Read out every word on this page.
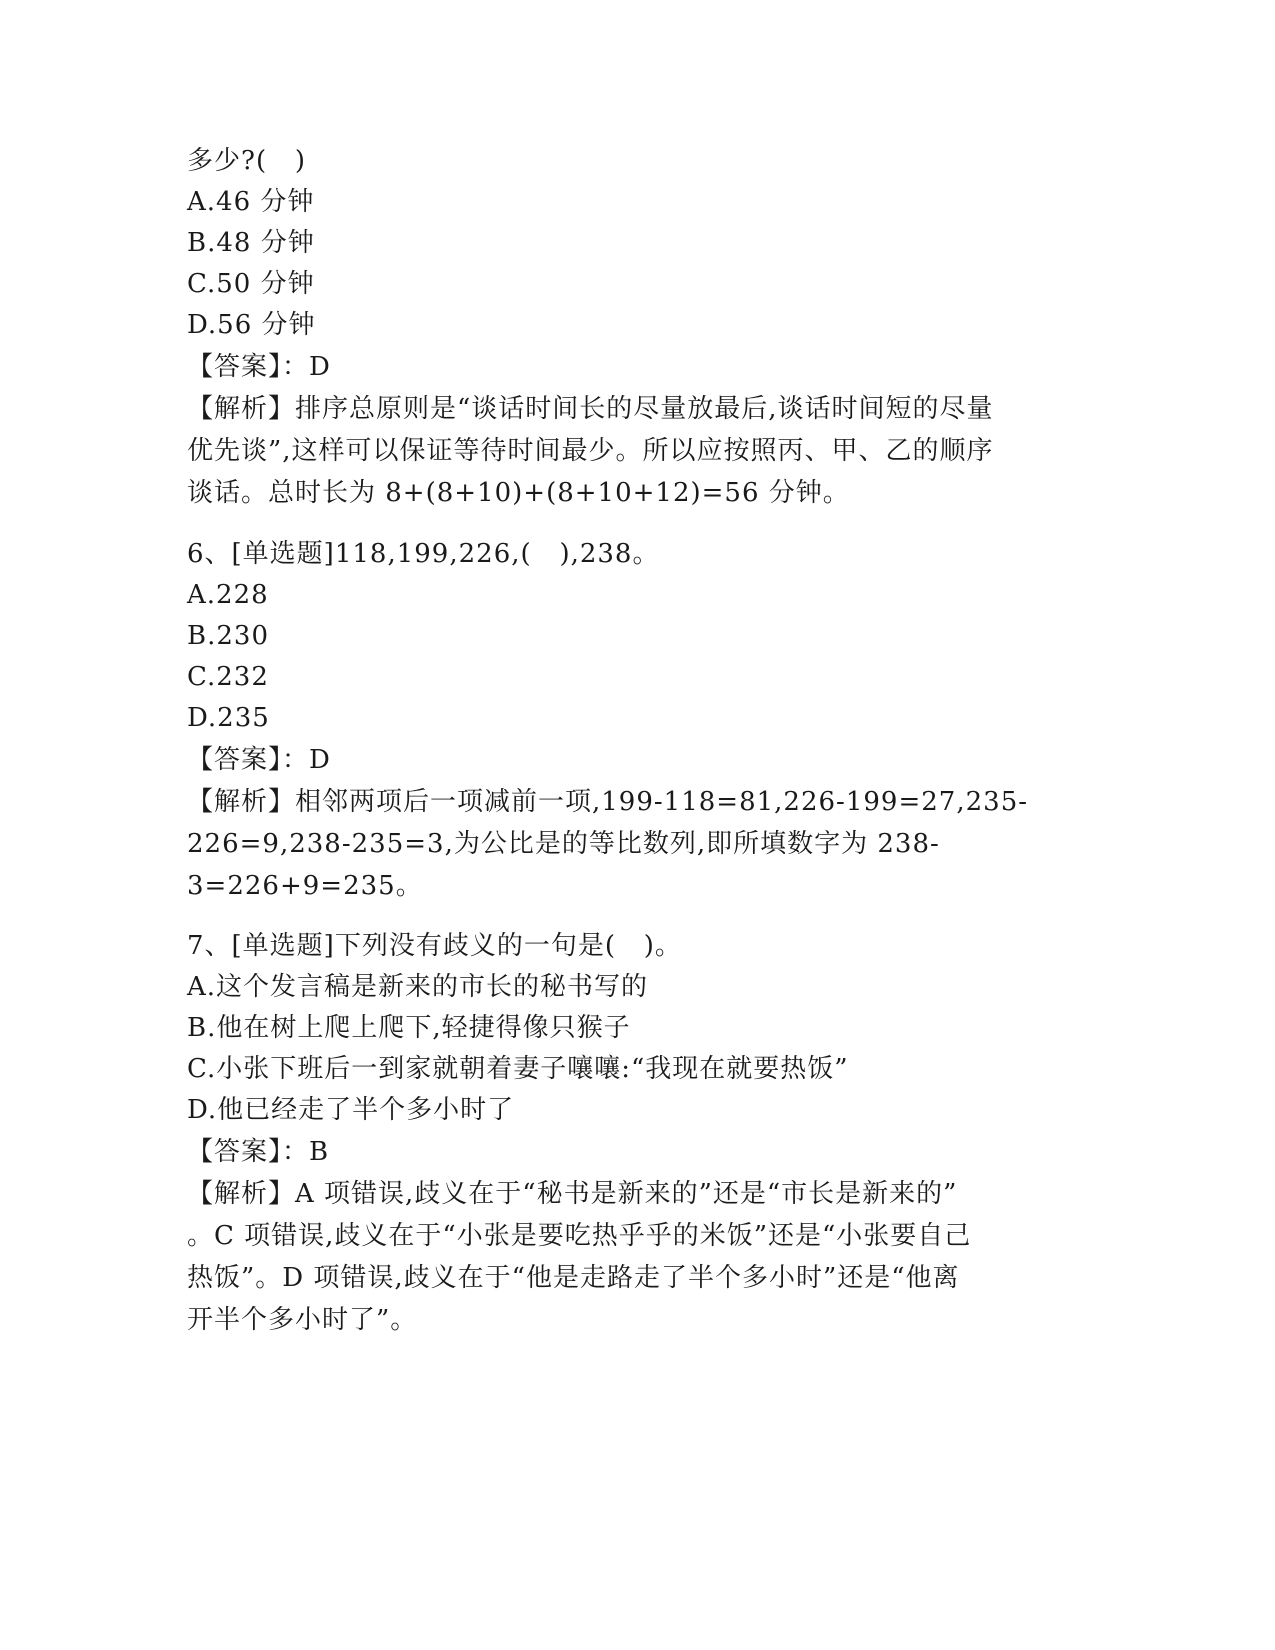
多少?(   )
A.46 分钟
B.48 分钟
C.50 分钟
D.56 分钟
【答案】：D
【解析】排序总原则是“谈话时间长的尽量放最后,谈话时间短的尽量
优先谈”,这样可以保证等待时间最少。所以应按照丙、甲、乙的顺序
谈话。总时长为 8+(8+10)+(8+10+12)=56 分钟。
6、[单选题]118,199,226,(   ),238。
A.228
B.230
C.232
D.235
【答案】：D
【解析】相邻两项后一项减前一项,199-118=81,226-199=27,235-
226=9,238-235=3,为公比是的等比数列,即所填数字为 238-
3=226+9=235。
7、[单选题]下列没有歧义的一句是(   )。
A.这个发言稿是新来的市长的秘书写的
B.他在树上爬上爬下,轻捷得像只猴子
C.小张下班后一到家就朝着妻子嚷嚷:“我现在就要热饭”
D.他已经走了半个多小时了
【答案】：B
【解析】A 项错误,歧义在于“秘书是新来的”还是“市长是新来的”
。C 项错误,歧义在于“小张是要吃热乎乎的米饭”还是“小张要自己
热饭”。D 项错误,歧义在于“他是走路走了半个多小时”还是“他离
开半个多小时了”。
